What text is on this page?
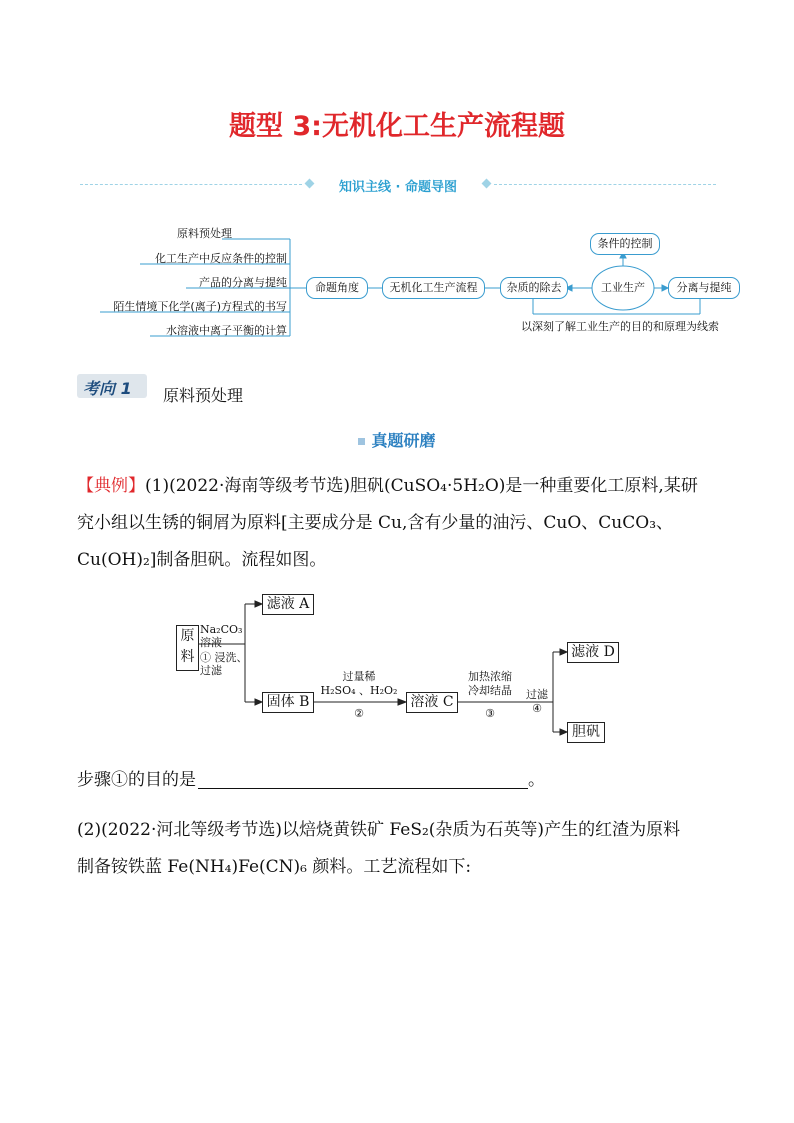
题型 3:无机化工生产流程题
知识主线 · 命题导图
原料预处理
化工生产中反应条件的控制
产品的分离与提纯
陌生情境下化学(离子)方程式的书写
水溶液中离子平衡的计算
命题角度	无机化工生产流程	杂质的除去
条件的控制
工业生产	分离与提纯
以深刻了解工业生产的目的和原理为线索
考向 1 原料预处理
真题研磨
【典例】(1)(2022·海南等级考节选)胆矾(CuSO₄·5H₂O)是一种重要化工原料,某研
究小组以生锈的铜屑为原料[主要成分是 Cu,含有少量的油污、CuO、CuCO₃、
Cu(OH)₂]制备胆矾。流程如图。
原料
Na₂CO₃
溶液
① 浸洗、
过滤
滤液 A
固体 B
过量稀
H₂SO₄ 、H₂O₂
②
溶液 C
加热浓缩
冷却结晶
③
过滤
④
滤液 D
胆矾
步骤①的目的是	。
(2)(2022·河北等级考节选)以焙烧黄铁矿 FeS₂(杂质为石英等)产生的红渣为原料
制备铵铁蓝 Fe(NH₄)Fe(CN)₆ 颜料。工艺流程如下:
